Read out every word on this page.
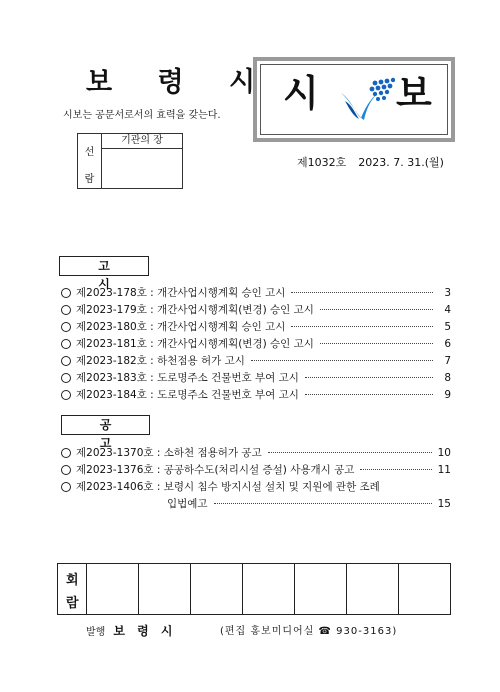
보 령 시
시보는 공문서로서의 효력을 갖는다.
선
람
기관의 장
시 보
제1032호 2023. 7. 31.(월)
고 시
제2023-178호 : 개간사업시행계획 승인 고시	3
제2023-179호 : 개간사업시행계획(변경) 승인 고시	4
제2023-180호 : 개간사업시행계획 승인 고시	5
제2023-181호 : 개간사업시행계획(변경) 승인 고시	6
제2023-182호 : 하천점용 허가 고시	7
제2023-183호 : 도로명주소 건물번호 부여 고시	8
제2023-184호 : 도로명주소 건물번호 부여 고시	9
공 고
제2023-1370호 : 소하천 점용허가 공고	10
제2023-1376호 : 공공하수도(처리시설 증설) 사용개시 공고	11
제2023-1406호 : 보령시 침수 방지시설 설치 및 지원에 관한 조례
입법예고	15
회
람
발행 보 령 시	(편집 홍보미디어실 ☎ 930-3163)
